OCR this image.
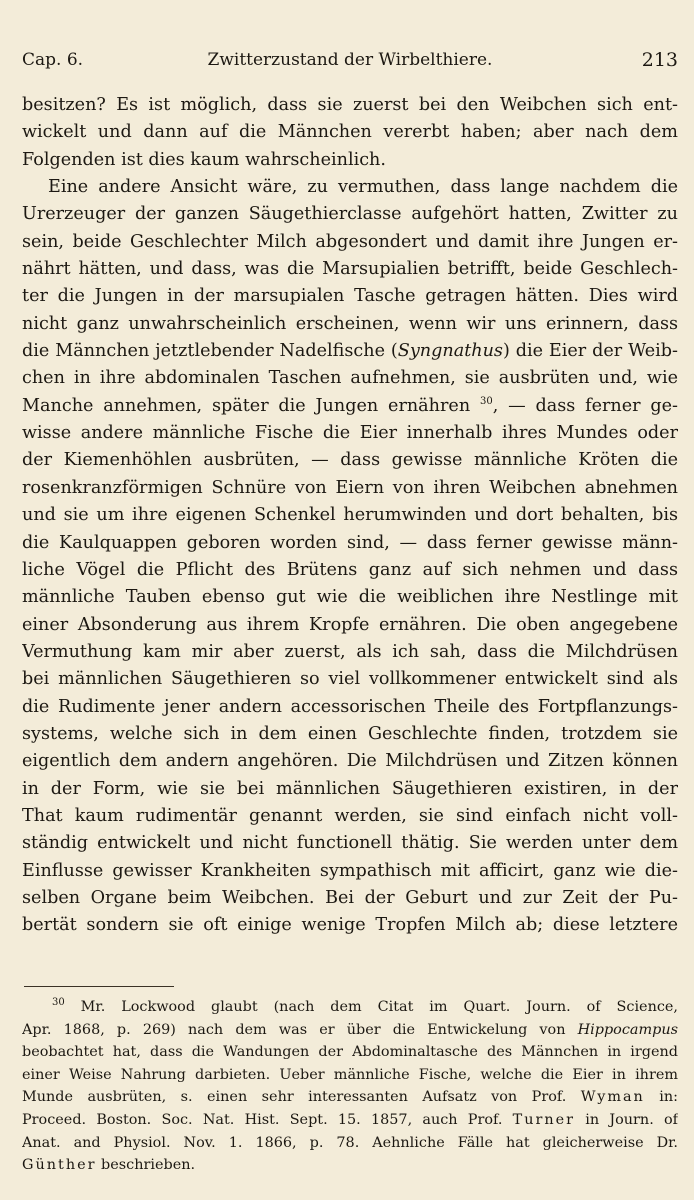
Cap. 6.	Zwitterzustand der Wirbelthiere.	213

besitzen? Es ist möglich, dass sie zuerst bei den Weibchen sich ent-
wickelt und dann auf die Männchen vererbt haben; aber nach dem
Folgenden ist dies kaum wahrscheinlich.

Eine andere Ansicht wäre, zu vermuthen, dass lange nachdem die
Urerzeuger der ganzen Säugethierclasse aufgehört hatten, Zwitter zu
sein, beide Geschlechter Milch abgesondert und damit ihre Jungen er-
nährt hätten, und dass, was die Marsupialien betrifft, beide Geschlech-
ter die Jungen in der marsupialen Tasche getragen hätten. Dies wird
nicht ganz unwahrscheinlich erscheinen, wenn wir uns erinnern, dass
die Männchen jetztlebender Nadelfische (Syngnathus) die Eier der Weib-
chen in ihre abdominalen Taschen aufnehmen, sie ausbrüten und, wie
Manche annehmen, später die Jungen ernähren $^{30}$, — dass ferner ge-
wisse andere männliche Fische die Eier innerhalb ihres Mundes oder
der Kiemenhöhlen ausbrüten, — dass gewisse männliche Kröten die
rosenkranzförmigen Schnüre von Eiern von ihren Weibchen abnehmen
und sie um ihre eigenen Schenkel herumwinden und dort behalten, bis
die Kaulquappen geboren worden sind, — dass ferner gewisse männ-
liche Vögel die Pflicht des Brütens ganz auf sich nehmen und dass
männliche Tauben ebenso gut wie die weiblichen ihre Nestlinge mit
einer Absonderung aus ihrem Kropfe ernähren. Die oben angegebene
Vermuthung kam mir aber zuerst, als ich sah, dass die Milchdrüsen
bei männlichen Säugethieren so viel vollkommener entwickelt sind als
die Rudimente jener andern accessorischen Theile des Fortpflanzungs-
systems, welche sich in dem einen Geschlechte finden, trotzdem sie
eigentlich dem andern angehören. Die Milchdrüsen und Zitzen können
in der Form, wie sie bei männlichen Säugethieren existiren, in der
That kaum rudimentär genannt werden, sie sind einfach nicht voll-
ständig entwickelt und nicht functionell thätig. Sie werden unter dem
Einflusse gewisser Krankheiten sympathisch mit afficirt, ganz wie die-
selben Organe beim Weibchen. Bei der Geburt und zur Zeit der Pu-
bertät sondern sie oft einige wenige Tropfen Milch ab; diese letztere

$^{30}$ Mr. Lockwood glaubt (nach dem Citat im Quart. Journ. of Science,
Apr. 1868, p. 269) nach dem was er über die Entwickelung von Hippocampus
beobachtet hat, dass die Wandungen der Abdominaltasche des Männchen in irgend
einer Weise Nahrung darbieten. Ueber männliche Fische, welche die Eier in ihrem
Munde ausbrüten, s. einen sehr interessanten Aufsatz von Prof. Wyman in:
Proceed. Boston. Soc. Nat. Hist. Sept. 15. 1857, auch Prof. Turner in Journ. of
Anat. and Physiol. Nov. 1. 1866, p. 78. Aehnliche Fälle hat gleicherweise Dr.
Günther beschrieben.
